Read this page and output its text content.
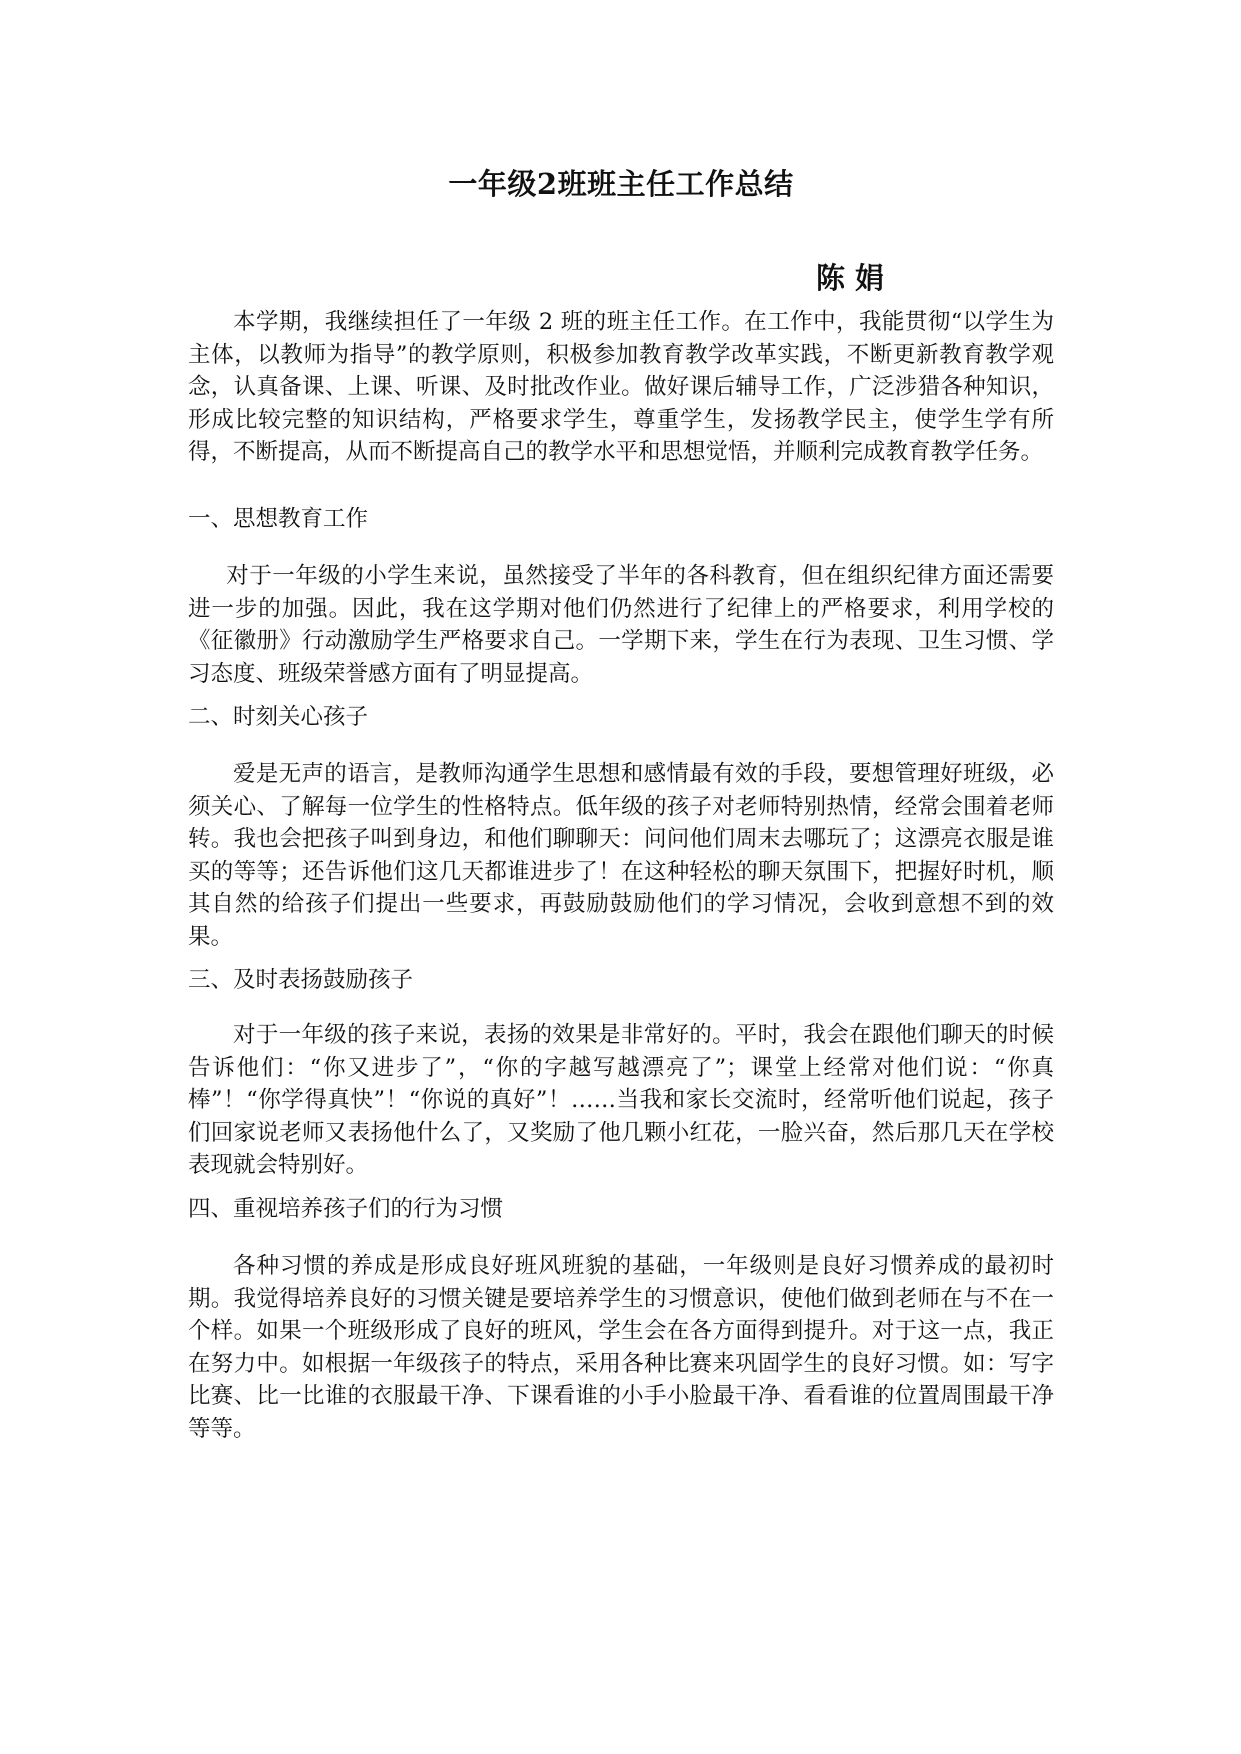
一年级2班班主任工作总结
陈娟

本学期，我继续担任了一年级 2 班的班主任工作。在工作中，我能贯彻“以学生为主体，以教师为指导”的教学原则，积极参加教育教学改革实践，不断更新教育教学观念，认真备课、上课、听课、及时批改作业。做好课后辅导工作，广泛涉猎各种知识，形成比较完整的知识结构，严格要求学生，尊重学生，发扬教学民主，使学生学有所得，不断提高，从而不断提高自己的教学水平和思想觉悟，并顺利完成教育教学任务。

一、思想教育工作

对于一年级的小学生来说，虽然接受了半年的各科教育，但在组织纪律方面还需要进一步的加强。因此，我在这学期对他们仍然进行了纪律上的严格要求，利用学校的《征徽册》行动激励学生严格要求自己。一学期下来，学生在行为表现、卫生习惯、学习态度、班级荣誉感方面有了明显提高。

二、时刻关心孩子

爱是无声的语言，是教师沟通学生思想和感情最有效的手段，要想管理好班级，必须关心、了解每一位学生的性格特点。低年级的孩子对老师特别热情，经常会围着老师转。我也会把孩子叫到身边，和他们聊聊天：问问他们周末去哪玩了；这漂亮衣服是谁买的等等；还告诉他们这几天都谁进步了！在这种轻松的聊天氛围下，把握好时机，顺其自然的给孩子们提出一些要求，再鼓励鼓励他们的学习情况，会收到意想不到的效果。

三、及时表扬鼓励孩子

对于一年级的孩子来说，表扬的效果是非常好的。平时，我会在跟他们聊天的时候告诉他们：“你又进步了”，“你的字越写越漂亮了”；课堂上经常对他们说：“你真棒”！“你学得真快”！“你说的真好”！……当我和家长交流时，经常听他们说起，孩子们回家说老师又表扬他什么了，又奖励了他几颗小红花，一脸兴奋，然后那几天在学校表现就会特别好。

四、重视培养孩子们的行为习惯

各种习惯的养成是形成良好班风班貌的基础，一年级则是良好习惯养成的最初时期。我觉得培养良好的习惯关键是要培养学生的习惯意识，使他们做到老师在与不在一个样。如果一个班级形成了良好的班风，学生会在各方面得到提升。对于这一点，我正在努力中。如根据一年级孩子的特点，采用各种比赛来巩固学生的良好习惯。如：写字比赛、比一比谁的衣服最干净、下课看谁的小手小脸最干净、看看谁的位置周围最干净等等。
